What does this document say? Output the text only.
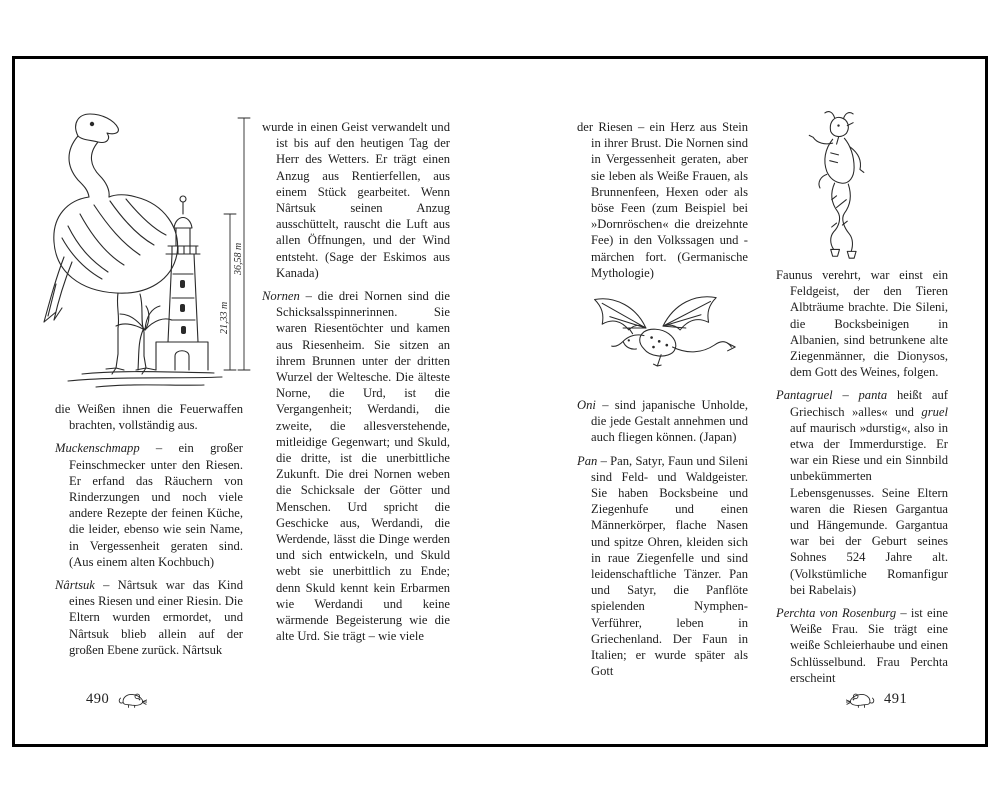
36,58 m
21,33 m

die Weißen ihnen die Feuerwaffen brachten, vollständig aus.

Muckenschmapp – ein großer Feinschmecker unter den Riesen. Er erfand das Räuchern von Rinderzungen und noch viele andere Rezepte der feinen Küche, die leider, ebenso wie sein Name, in Vergessenheit geraten sind. (Aus einem alten Kochbuch)

Nârtsuk – Nârtsuk war das Kind eines Riesen und einer Riesin. Die Eltern wurden ermordet, und Nârtsuk blieb allein auf der großen Ebene zurück. Nârtsuk

wurde in einen Geist verwandelt und ist bis auf den heutigen Tag der Herr des Wetters. Er trägt einen Anzug aus Rentierfellen, aus einem Stück gearbeitet. Wenn Nârtsuk seinen Anzug ausschüttelt, rauscht die Luft aus allen Öffnungen, und der Wind entsteht. (Sage der Eskimos aus Kanada)

Nornen – die drei Nornen sind die Schicksalsspinnerinnen. Sie waren Riesentöchter und kamen aus Riesenheim. Sie sitzen an ihrem Brunnen unter der dritten Wurzel der Weltesche. Die älteste Norne, die Urd, ist die Vergangenheit; Werdandi, die zweite, die allesverstehende, mitleidige Gegenwart; und Skuld, die dritte, ist die unerbittliche Zukunft. Die drei Nornen weben die Schicksale der Götter und Menschen. Urd spricht die Geschicke aus, Werdandi, die Werdende, lässt die Dinge werden und sich entwickeln, und Skuld webt sie unerbittlich zu Ende; denn Skuld kennt kein Erbarmen wie Werdandi und keine wärmende Begeisterung wie die alte Urd. Sie trägt – wie viele

der Riesen – ein Herz aus Stein in ihrer Brust. Die Nornen sind in Vergessenheit geraten, aber sie leben als Weiße Frauen, als Brunnenfeen, Hexen oder als böse Feen (zum Beispiel bei »Dornröschen« die dreizehnte Fee) in den Volkssagen und -märchen fort. (Germanische Mythologie)

Oni – sind japanische Unholde, die jede Gestalt annehmen und auch fliegen können. (Japan)

Pan – Pan, Satyr, Faun und Sileni sind Feld- und Waldgeister. Sie haben Bocksbeine und Ziegenhufe und einen Männerkörper, flache Nasen und spitze Ohren, kleiden sich in raue Ziegenfelle und sind leidenschaftliche Tänzer. Pan und Satyr, die Panflöte spielenden Nymphen-Verführer, leben in Griechenland. Der Faun in Italien; er wurde später als Gott

Faunus verehrt, war einst ein Feldgeist, der den Tieren Albträume brachte. Die Sileni, die Bocksbeinigen in Albanien, sind betrunkene alte Ziegenmänner, die Dionysos, dem Gott des Weines, folgen.

Pantagruel – panta heißt auf Griechisch »alles« und gruel auf maurisch »durstig«, also in etwa der Immerdurstige. Er war ein Riese und ein Sinnbild unbekümmerten Lebensgenusses. Seine Eltern waren die Riesen Gargantua und Hängemunde. Gargantua war bei der Geburt seines Sohnes 524 Jahre alt. (Volkstümliche Romanfigur bei Rabelais)

Perchta von Rosenburg – ist eine Weiße Frau. Sie trägt eine weiße Schleierhaube und einen Schlüsselbund. Frau Perchta erscheint

490	491
